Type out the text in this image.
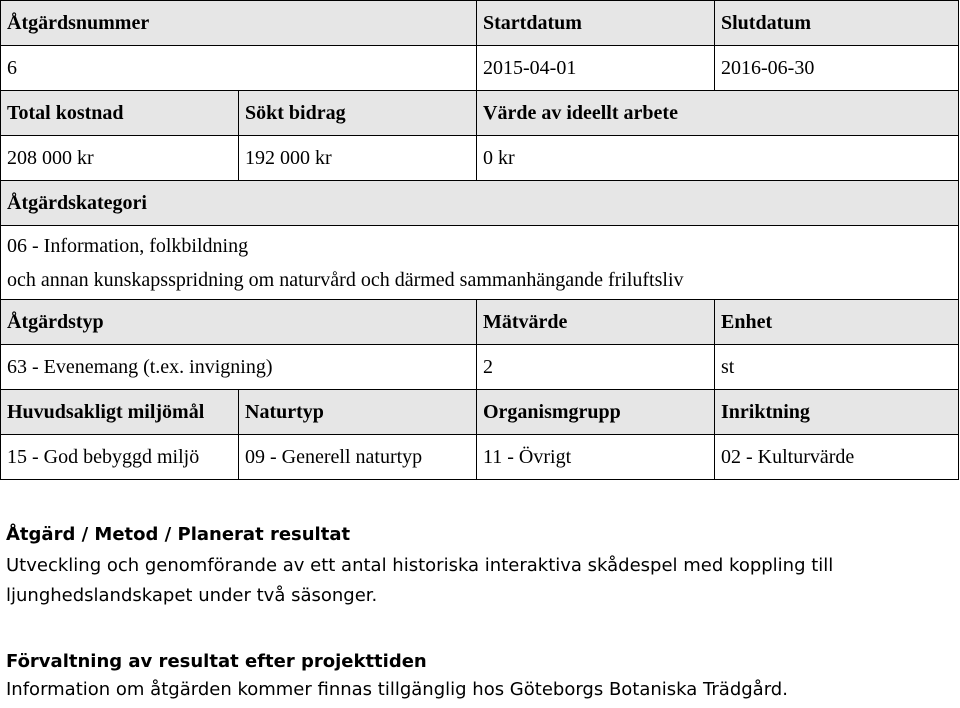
Åtgärdsnummer		Startdatum	Slutdatum
6		2015-04-01	2016-06-30
Total kostnad	Sökt bidrag	Värde av ideellt arbete	
208 000 kr	192 000 kr	0 kr	
Åtgärdskategori			

06 - Information, folkbildning
och annan kunskapsspridning om naturvård och därmed sammanhängande friluftsliv			

Åtgärdstyp		Mätvärde	Enhet
63 - Evenemang (t.ex. invigning)		2	st
Huvudsakligt miljömål	Naturtyp	Organismgrupp	Inriktning
15 - God bebyggd miljö	09 - Generell naturtyp	11 - Övrigt	02 - Kulturvärde
Åtgärd / Metod / Planerat resultat
Utveckling och genomförande av ett antal historiska interaktiva skådespel med koppling till
ljunghedslandskapet under två säsonger.
Förvaltning av resultat efter projekttiden
Information om åtgärden kommer finnas tillgänglig hos Göteborgs Botaniska Trädgård.
